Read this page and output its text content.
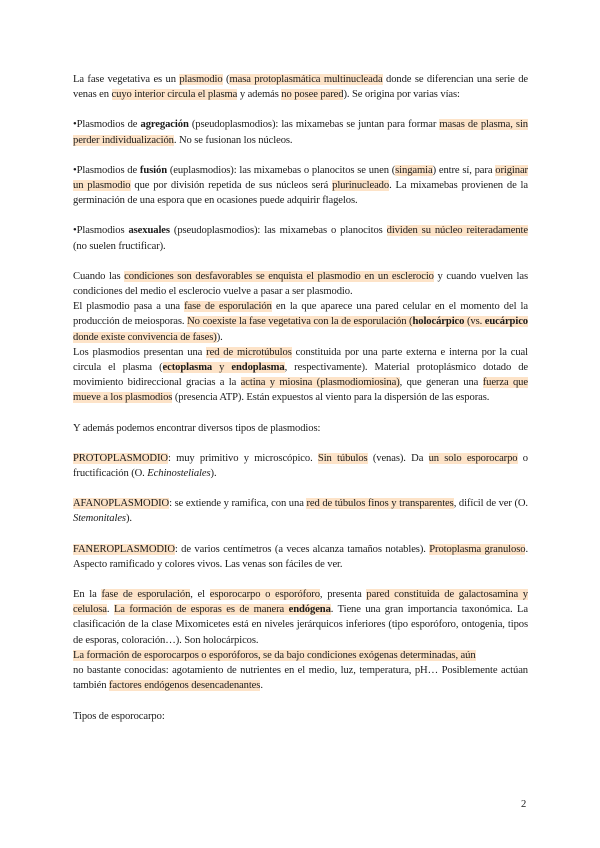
La fase vegetativa es un plasmodio (masa protoplasmática multinucleada donde se diferencian una serie de venas en cuyo interior circula el plasma y además no posee pared). Se origina por varias vías:

•Plasmodios de agregación (pseudoplasmodios): las mixamebas se juntan para formar masas de plasma, sin perder individualización. No se fusionan los núcleos.

•Plasmodios de fusión (euplasmodios): las mixamebas o planocitos se unen (singamia) entre sí, para originar un plasmodio que por división repetida de sus núcleos será plurinucleado. La mixamebas provienen de la germinación de una espora que en ocasiones puede adquirir flagelos.

•Plasmodios asexuales (pseudoplasmodios): las mixamebas o planocitos dividen su núcleo reiteradamente (no suelen fructificar).

Cuando las condiciones son desfavorables se enquista el plasmodio en un esclerocio y cuando vuelven las condiciones del medio el esclerocio vuelve a pasar a ser plasmodio.

El plasmodio pasa a una fase de esporulación en la que aparece una pared celular en el momento del la producción de meiosporas. No coexiste la fase vegetativa con la de esporulación (holocárpico (vs. eucárpico donde existe convivencia de fases)).

Los plasmodios presentan una red de microtúbulos constituida por una parte externa e interna por la cual circula el plasma (ectoplasma y endoplasma, respectivamente). Material protoplásmico dotado de movimiento bidireccional gracias a la actina y miosina (plasmodiomiosina), que generan una fuerza que mueve a los plasmodios (presencia ATP). Están expuestos al viento para la dispersión de las esporas.

Y además podemos encontrar diversos tipos de plasmodios:

PROTOPLASMODIO: muy primitivo y microscópico. Sin túbulos (venas). Da un solo esporocarpo o fructificación (O. Echinosteliales).

AFANOPLASMODIO: se extiende y ramifica, con una red de túbulos finos y transparentes, difícil de ver (O. Stemonitales).

FANEROPLASMODIO: de varios centímetros (a veces alcanza tamaños notables). Protoplasma granuloso. Aspecto ramificado y colores vivos. Las venas son fáciles de ver.

En la fase de esporulación, el esporocarpo o esporóforo, presenta pared constituida de galactosamina y celulosa. La formación de esporas es de manera endógena. Tiene una gran importancia taxonómica. La clasificación de la clase Mixomicetes está en niveles jerárquicos inferiores (tipo esporóforo, ontogenia, tipos de esporas, coloración…). Son holocárpicos.

La formación de esporocarpos o esporóforos, se da bajo condiciones exógenas determinadas, aún

no bastante conocidas: agotamiento de nutrientes en el medio, luz, temperatura, pH… Posiblemente actúan también factores endógenos desencadenantes.

Tipos de esporocarpo:

2
